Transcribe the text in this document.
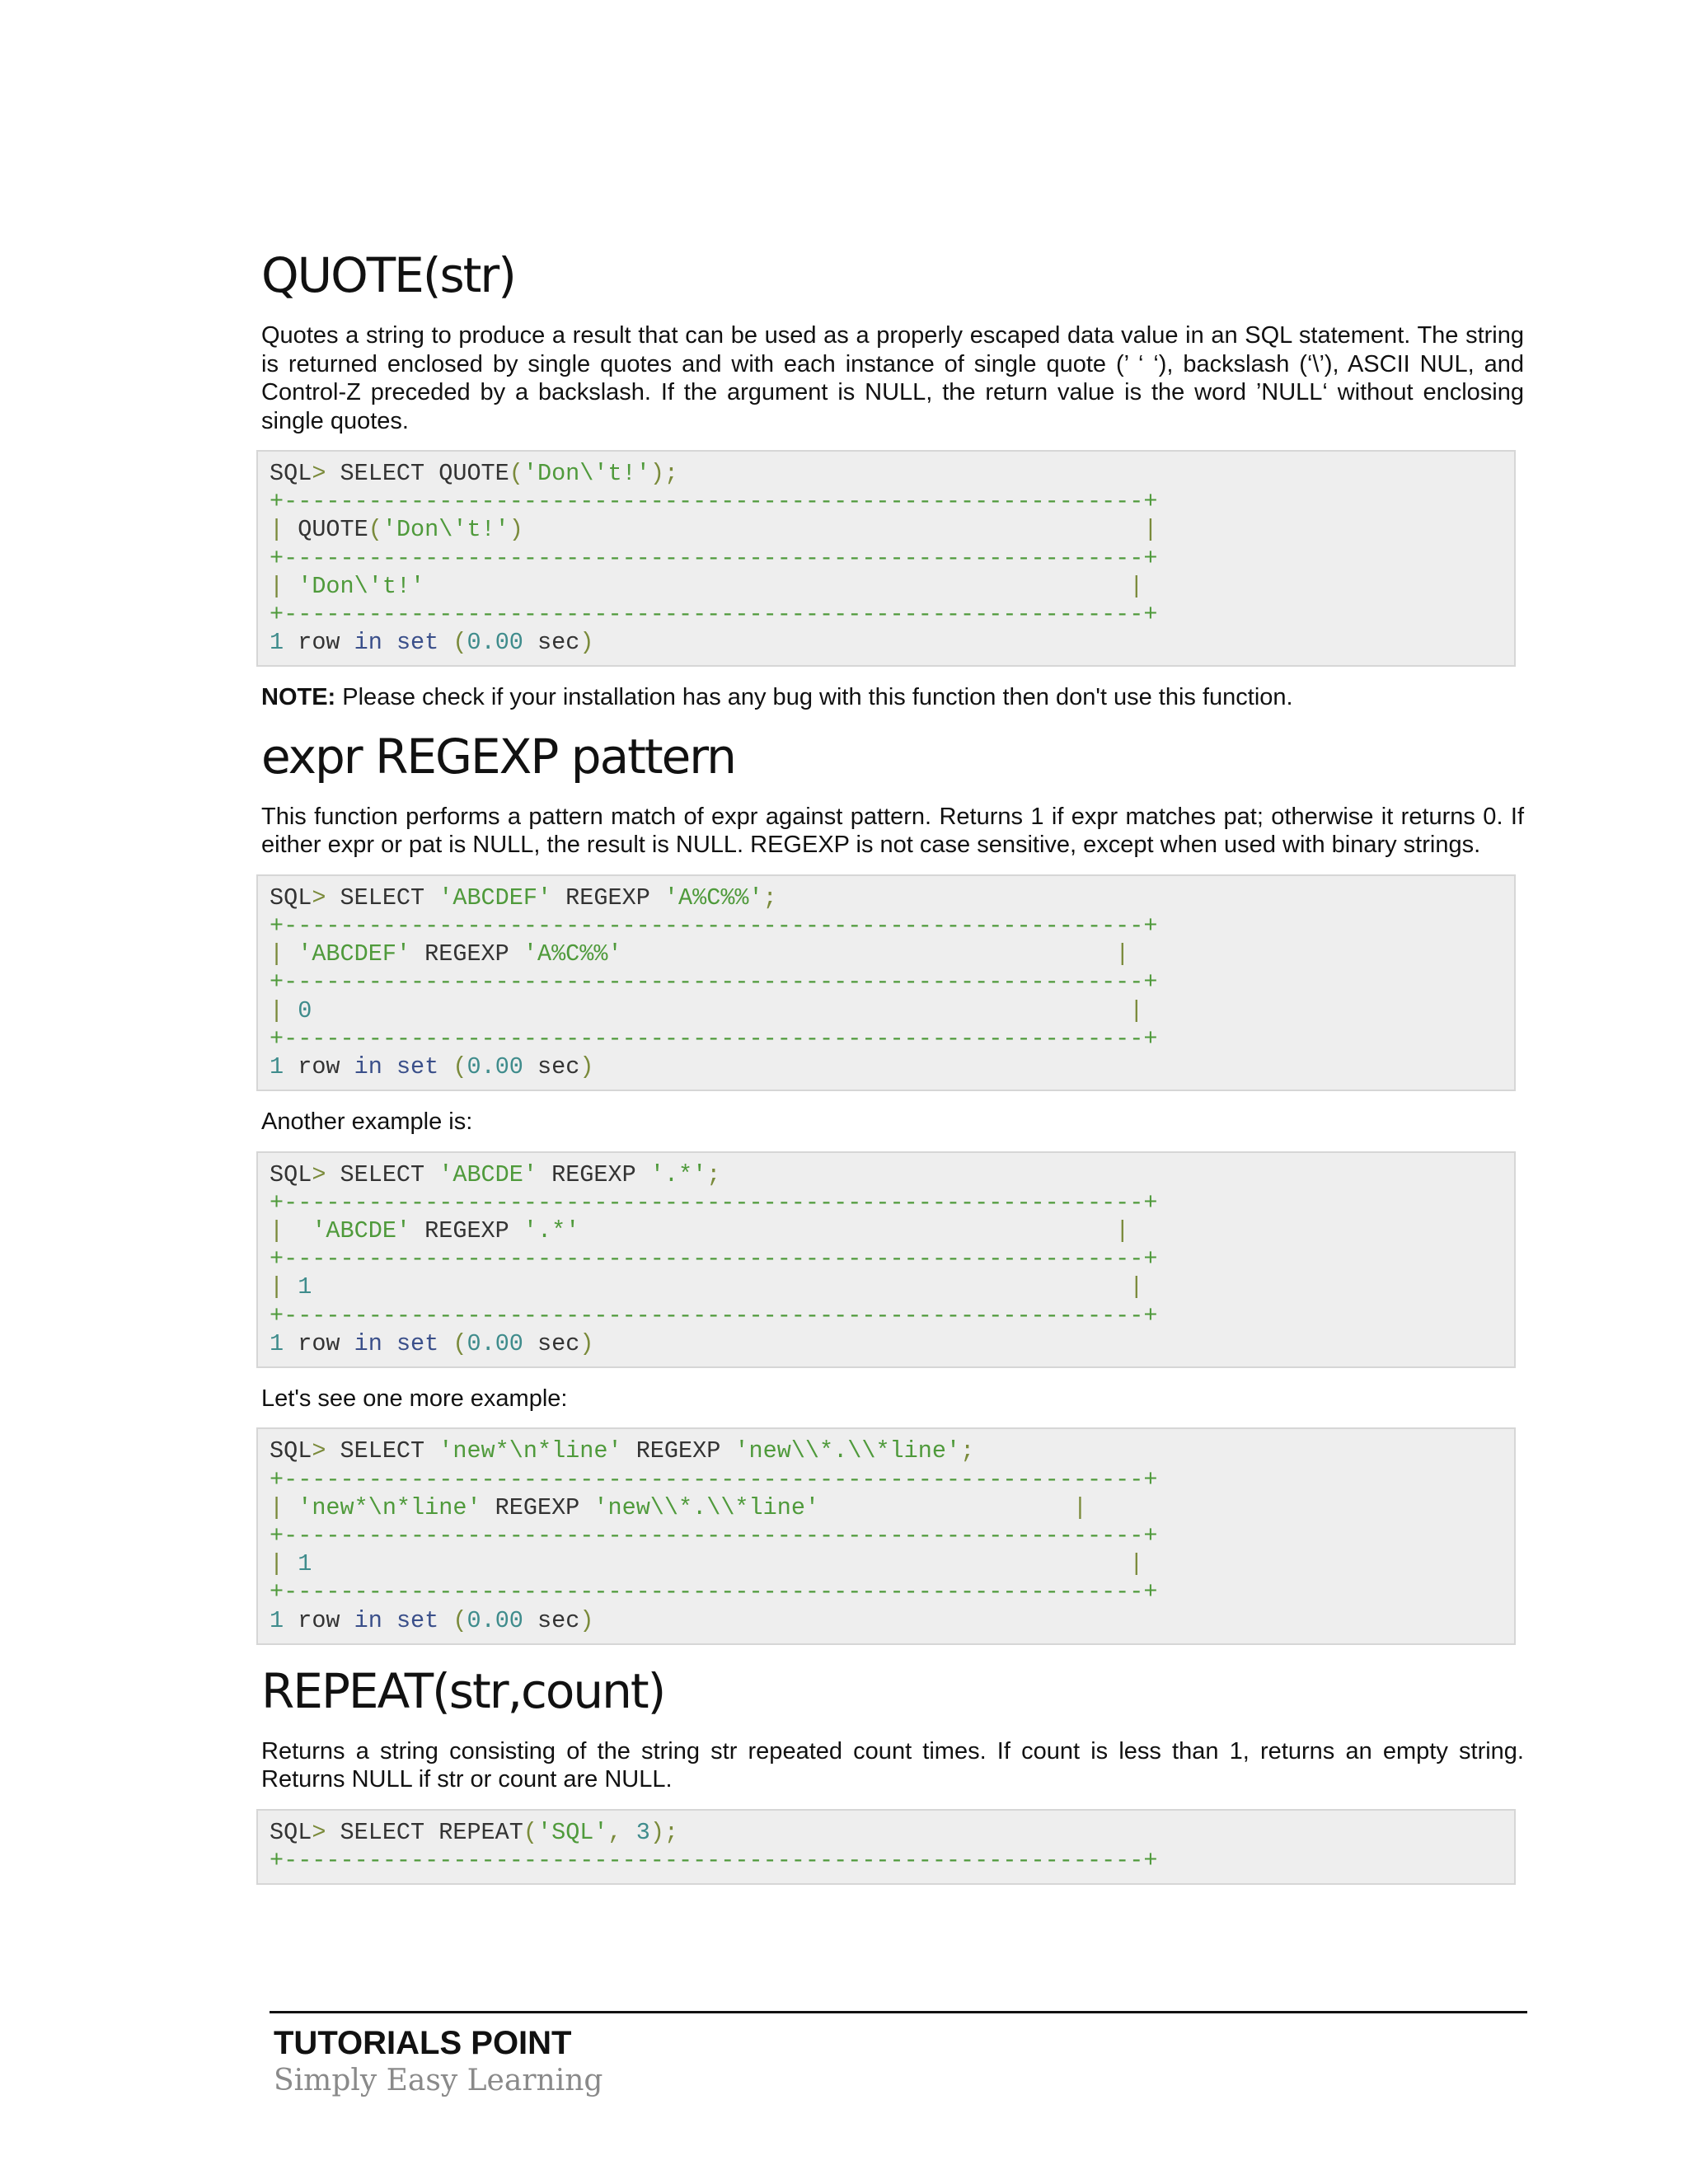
QUOTE(str)

Quotes a string to produce a result that can be used as a properly escaped data value in an SQL statement. The string is returned enclosed by single quotes and with each instance of single quote (’ ‘ ‘), backslash (‘\’), ASCII NUL, and Control-Z preceded by a backslash. If the argument is NULL, the return value is the word ’NULL‘ without enclosing single quotes.

SQL> SELECT QUOTE('Don\'t!');
+-------------------------------------------------------------+
| QUOTE('Don\'t!')	|
+-------------------------------------------------------------+
| 'Don\'t!'	|
+-------------------------------------------------------------+
1 row in set (0.00 sec)

NOTE: Please check if your installation has any bug with this function then don't use this function.

expr REGEXP pattern

This function performs a pattern match of expr against pattern. Returns 1 if expr matches pat; otherwise it returns 0. If either expr or pat is NULL, the result is NULL. REGEXP is not case sensitive, except when used with binary strings.

SQL> SELECT 'ABCDEF' REGEXP 'A%C%%';
+-------------------------------------------------------------+
| 'ABCDEF' REGEXP 'A%C%%'	|
+-------------------------------------------------------------+
| 0	|
+-------------------------------------------------------------+
1 row in set (0.00 sec)

Another example is:

SQL> SELECT 'ABCDE' REGEXP '.*';
+-------------------------------------------------------------+
|  'ABCDE' REGEXP '.*'	|
+-------------------------------------------------------------+
| 1	|
+-------------------------------------------------------------+
1 row in set (0.00 sec)

Let's see one more example:

SQL> SELECT 'new*\n*line' REGEXP 'new\\*.\\*line';
+-------------------------------------------------------------+
| 'new*\n*line' REGEXP 'new\\*.\\*line'	|
+-------------------------------------------------------------+
| 1	|
+-------------------------------------------------------------+
1 row in set (0.00 sec)
REPEAT(str,count)

Returns a string consisting of the string str repeated count times. If count is less than 1, returns an empty string. Returns NULL if str or count are NULL.

SQL> SELECT REPEAT('SQL', 3);
+-------------------------------------------------------------+
TUTORIALS POINT
Simply Easy Learning
